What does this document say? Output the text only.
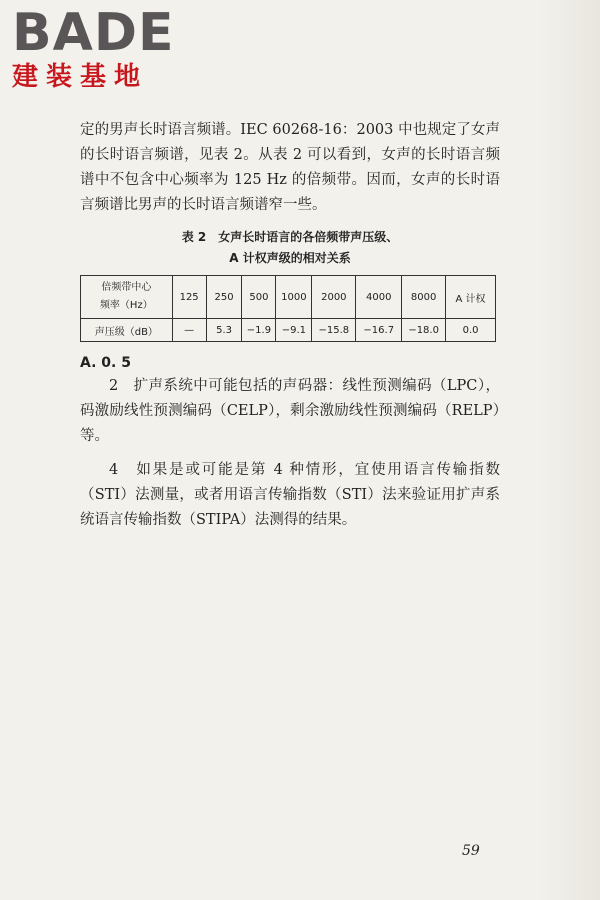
BADE
建装基地

定的男声长时语言频谱。IEC 60268-16：2003 中也规定了女声的长时语言频谱，见表 2。从表 2 可以看到，女声的长时语言频谱中不包含中心频率为 125 Hz 的倍频带。因而，女声的长时语言频谱比男声的长时语言频谱窄一些。

表 2　女声长时语言的各倍频带声压级、
A 计权声级的相对关系
倍频带中心
频率（Hz）	125	250	500	1000	2000	4000	8000	A 计权
声压级（dB）	—	5.3	−1.9	−9.1	−15.8	−16.7	−18.0	0.0
A. 0. 5

2　扩声系统中可能包括的声码器：线性预测编码（LPC），码激励线性预测编码（CELP），剩余激励线性预测编码（RELP）等。

4　如果是或可能是第 4 种情形，宜使用语言传输指数（STI）法测量，或者用语言传输指数（STI）法来验证用扩声系统语言传输指数（STIPA）法测得的结果。

59
